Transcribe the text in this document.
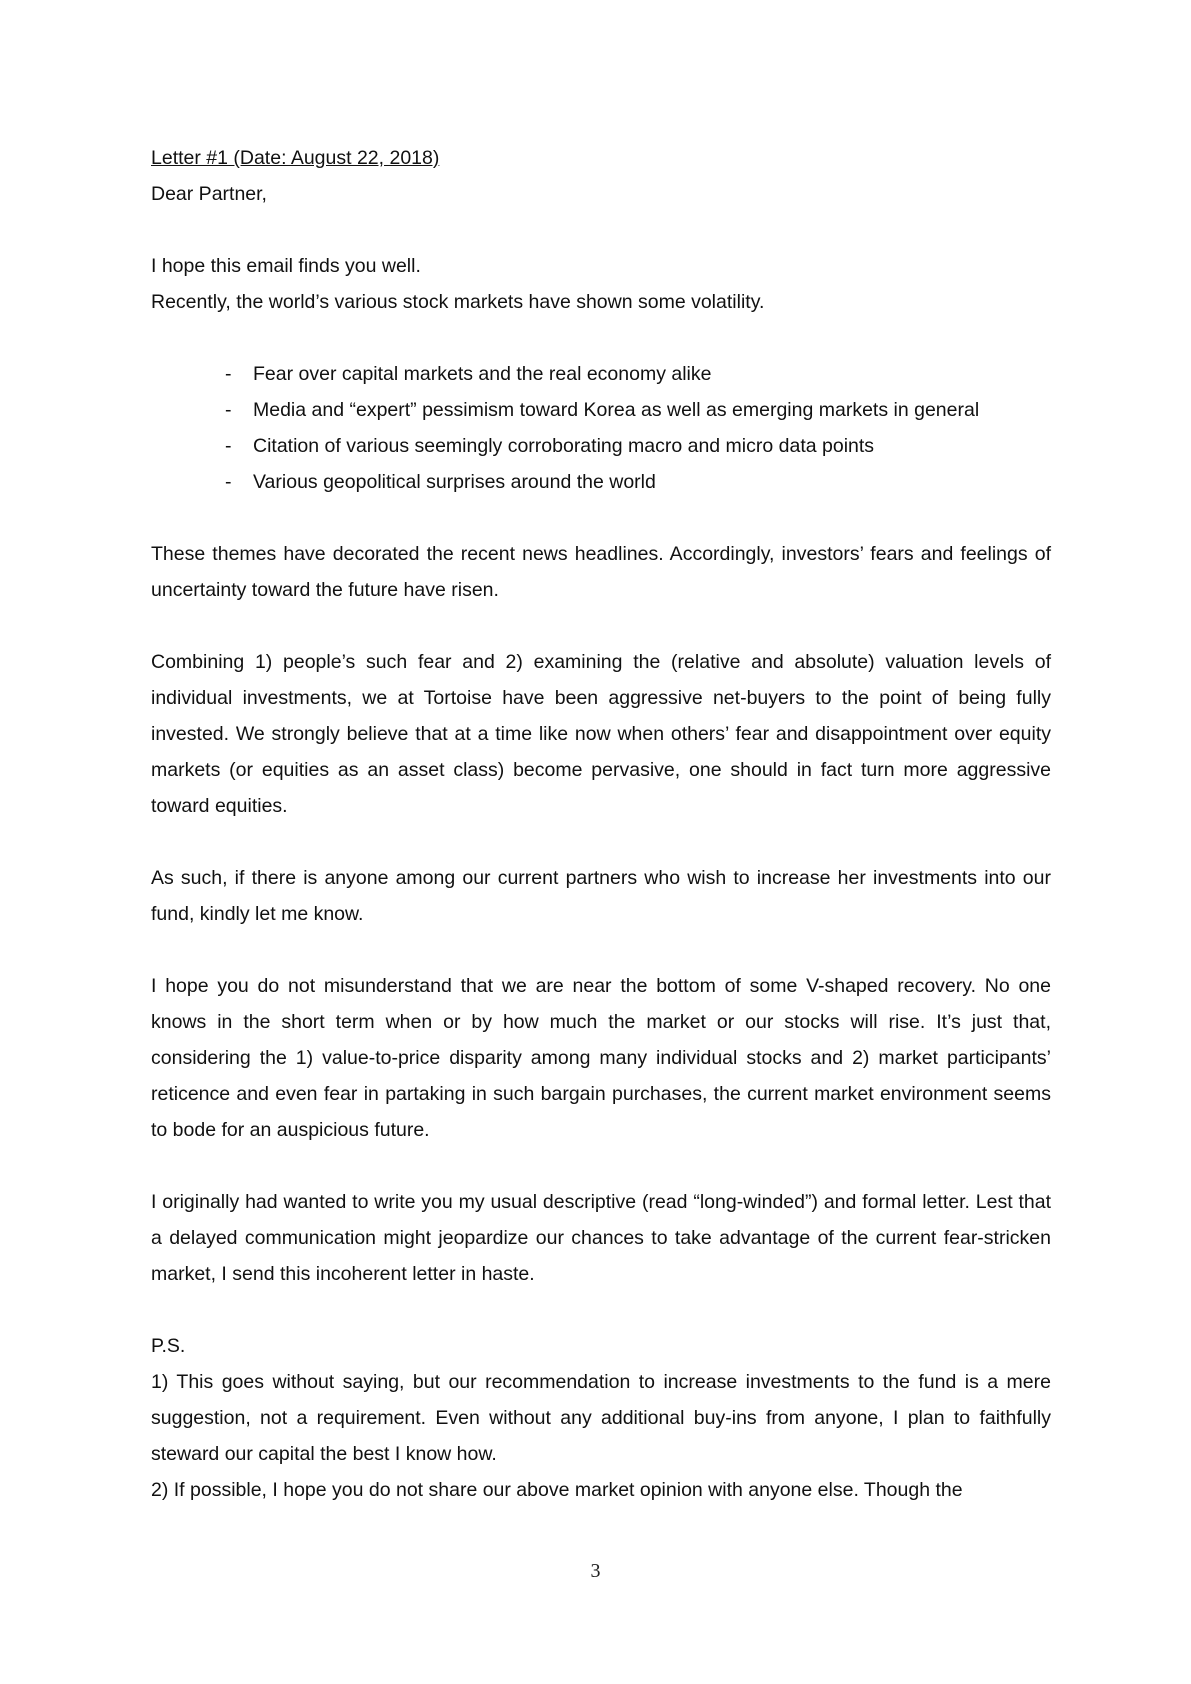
Letter #1 (Date: August 22, 2018)

Dear Partner,

I hope this email finds you well.

Recently, the world’s various stock markets have shown some volatility.

- Fear over capital markets and the real economy alike
- Media and “expert” pessimism toward Korea as well as emerging markets in general
- Citation of various seemingly corroborating macro and micro data points
- Various geopolitical surprises around the world

These themes have decorated the recent news headlines. Accordingly, investors’ fears and feelings of uncertainty toward the future have risen.

Combining 1) people’s such fear and 2) examining the (relative and absolute) valuation levels of individual investments, we at Tortoise have been aggressive net-buyers to the point of being fully invested. We strongly believe that at a time like now when others’ fear and disappointment over equity markets (or equities as an asset class) become pervasive, one should in fact turn more aggressive toward equities.

As such, if there is anyone among our current partners who wish to increase her investments into our fund, kindly let me know.

I hope you do not misunderstand that we are near the bottom of some V-shaped recovery. No one knows in the short term when or by how much the market or our stocks will rise. It’s just that, considering the 1) value-to-price disparity among many individual stocks and 2) market participants’ reticence and even fear in partaking in such bargain purchases, the current market environment seems to bode for an auspicious future.

I originally had wanted to write you my usual descriptive (read “long-winded”) and formal letter. Lest that a delayed communication might jeopardize our chances to take advantage of the current fear-stricken market, I send this incoherent letter in haste.

P.S.

1) This goes without saying, but our recommendation to increase investments to the fund is a mere suggestion, not a requirement. Even without any additional buy-ins from anyone, I plan to faithfully steward our capital the best I know how.

2) If possible, I hope you do not share our above market opinion with anyone else. Though the

3
